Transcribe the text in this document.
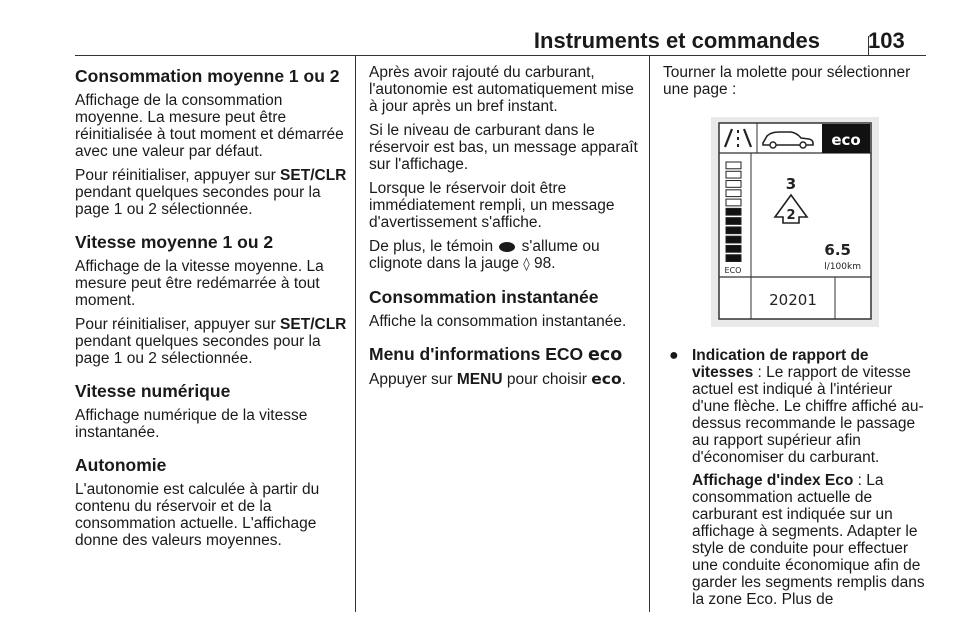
Instruments et commandes 103
Consommation moyenne 1 ou 2

Affichage de la consommation moyenne. La mesure peut être réinitialisée à tout moment et démarrée avec une valeur par défaut.

Pour réinitialiser, appuyer sur SET/CLR pendant quelques secondes pour la page 1 ou 2 sélectionnée.

Vitesse moyenne 1 ou 2

Affichage de la vitesse moyenne. La mesure peut être redémarrée à tout moment.

Pour réinitialiser, appuyer sur SET/CLR pendant quelques secondes pour la page 1 ou 2 sélectionnée.

Vitesse numérique

Affichage numérique de la vitesse instantanée.

Autonomie

L'autonomie est calculée à partir du contenu du réservoir et de la consommation actuelle. L'affichage donne des valeurs moyennes.

Après avoir rajouté du carburant, l'autonomie est automatiquement mise à jour après un bref instant.

Si le niveau de carburant dans le réservoir est bas, un message apparaît sur l'affichage.

Lorsque le réservoir doit être immédiatement rempli, un message d'avertissement s'affiche.

De plus, le témoin  s'allume ou clignote dans la jauge ◊ 98.

Consommation instantanée

Affiche la consommation instantanée.

Menu d'informations ECO eco

Appuyer sur MENU pour choisir eco.

Tourner la molette pour sélectionner une page :

eco
ECO
3
2
6.5
l/100km
20201
● Indication de rapport de vitesses : Le rapport de vitesse actuel est indiqué à l'intérieur d'une flèche. Le chiffre affiché au-dessus recommande le passage au rapport supérieur afin d'économiser du carburant.

Affichage d'index Eco : La consommation actuelle de carburant est indiquée sur un affichage à segments. Adapter le style de conduite pour effectuer une conduite économique afin de garder les segments remplis dans la zone Eco. Plus de
